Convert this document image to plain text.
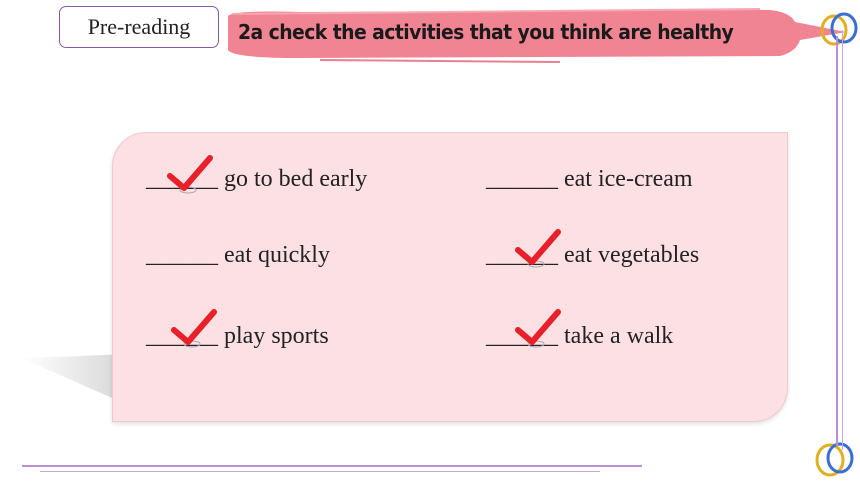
Pre-reading	2a check the activities that you think are healthy
______ go to bed early	______ eat ice-cream
______ eat quickly	______ eat vegetables
______ play sports	______ take a walk
